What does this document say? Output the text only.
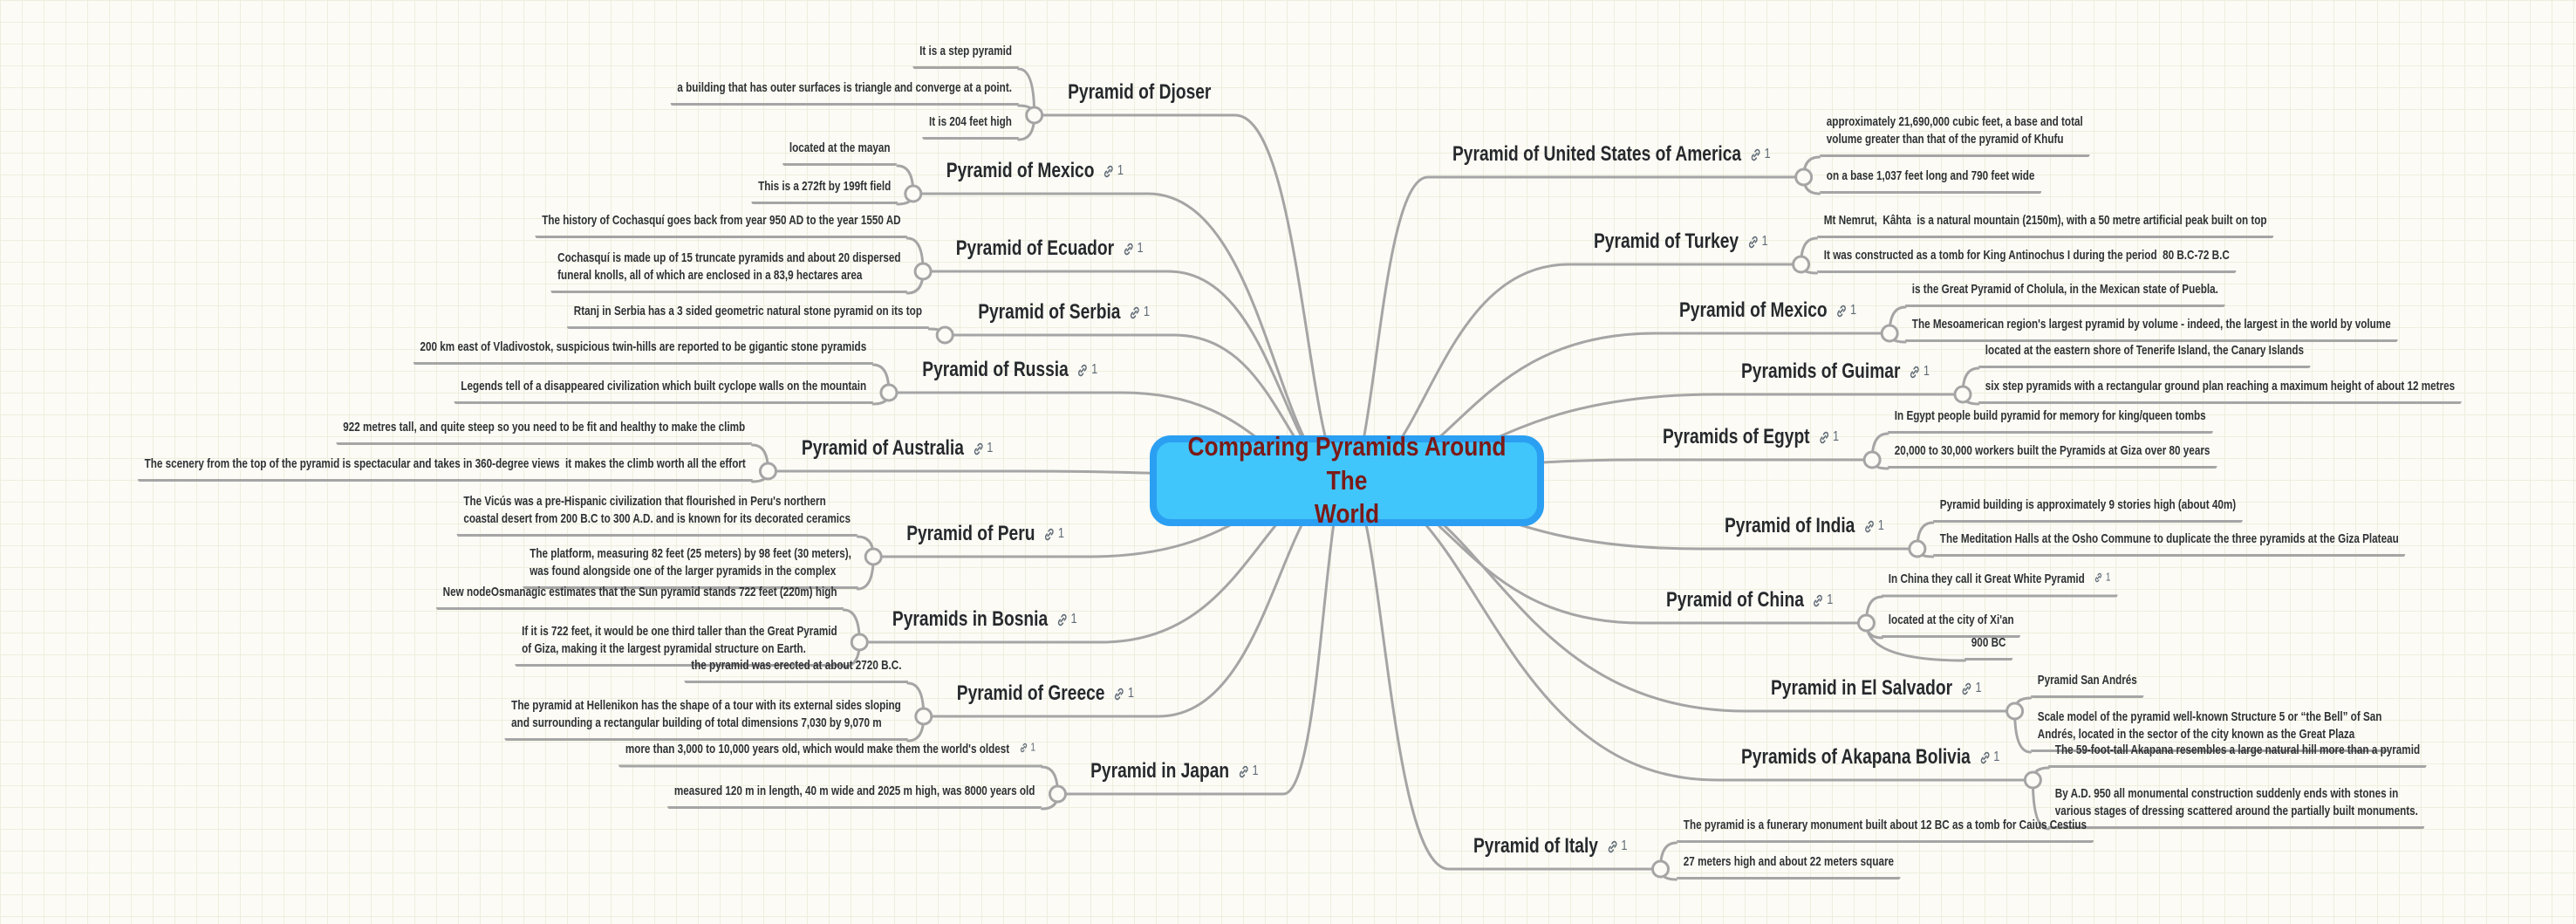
Comparing Pyramids Around The
World
Pyramid of Djoser
It is a step pyramid
a building that has outer surfaces is triangle and converge at a point.
It is 204 feet high
Pyramid of Mexico 1
located at the mayan
This is a 272ft by 199ft field
Pyramid of Ecuador 1
The history of Cochasquí goes back from year 950 AD to the year 1550 AD
Cochasquí is made up of 15 truncate pyramids and about 20 dispersed
funeral knolls, all of which are enclosed in a 83,9 hectares area
Pyramid of Serbia 1
Rtanj in Serbia has a 3 sided geometric natural stone pyramid on its top
Pyramid of Russia 1
200 km east of Vladivostok, suspicious twin-hills are reported to be gigantic stone pyramids
Legends tell of a disappeared civilization which built cyclope walls on the mountain
Pyramid of Australia 1
922 metres tall, and quite steep so you need to be fit and healthy to make the climb
The scenery from the top of the pyramid is spectacular and takes in 360-degree views  it makes the climb worth all the effort
Pyramid of Peru 1
The Vicús was a pre-Hispanic civilization that flourished in Peru's northern
coastal desert from 200 B.C to 300 A.D. and is known for its decorated ceramics
The platform, measuring 82 feet (25 meters) by 98 feet (30 meters),
was found alongside one of the larger pyramids in the complex
Pyramids in Bosnia 1
New nodeOsmanagic estimates that the Sun pyramid stands 722 feet (220m) high
If it is 722 feet, it would be one third taller than the Great Pyramid
of Giza, making it the largest pyramidal structure on Earth.
Pyramid of Greece 1
the pyramid was erected at about 2720 B.C.
The pyramid at Hellenikon has the shape of a tour with its external sides sloping
and surrounding a rectangular building of total dimensions 7,030 by 9,070 m
Pyramid in Japan 1
more than 3,000 to 10,000 years old, which would make them the world's oldest 1
measured 120 m in length, 40 m wide and 2025 m high, was 8000 years old
Pyramid of United States of America 1
approximately 21,690,000 cubic feet, a base and total
volume greater than that of the pyramid of Khufu
on a base 1,037 feet long and 790 feet wide
Pyramid of Turkey 1
Mt Nemrut,  Kâhta  is a natural mountain (2150m), with a 50 metre artificial peak built on top
It was constructed as a tomb for King Antinochus I during the period  80 B.C-72 B.C
Pyramid of Mexico 1
is the Great Pyramid of Cholula, in the Mexican state of Puebla.
The Mesoamerican region's largest pyramid by volume - indeed, the largest in the world by volume
Pyramids of Guimar 1
located at the eastern shore of Tenerife Island, the Canary Islands
six step pyramids with a rectangular ground plan reaching a maximum height of about 12 metres
Pyramids of Egypt 1
In Egypt people build pyramid for memory for king/queen tombs
20,000 to 30,000 workers built the Pyramids at Giza over 80 years
Pyramid of India 1
Pyramid building is approximately 9 stories high (about 40m)
The Meditation Halls at the Osho Commune to duplicate the three pyramids at the Giza Plateau
Pyramid of China 1
In China they call it Great White Pyramid 1
located at the city of Xi'an
900 BC
Pyramid in El Salvador 1
Pyramid San Andrés
Scale model of the pyramid well-known Structure 5 or “the Bell” of San
Andrés, located in the sector of the city known as the Great Plaza
Pyramids of Akapana Bolivia 1	The 59-foot-tall Akapana resembles a large natural hill more than a pyramid
By A.D. 950 all monumental construction suddenly ends with stones in
various stages of dressing scattered around the partially built monuments.
Pyramid of Italy 1
The pyramid is a funerary monument built about 12 BC as a tomb for Caius Cestius
27 meters high and about 22 meters square
